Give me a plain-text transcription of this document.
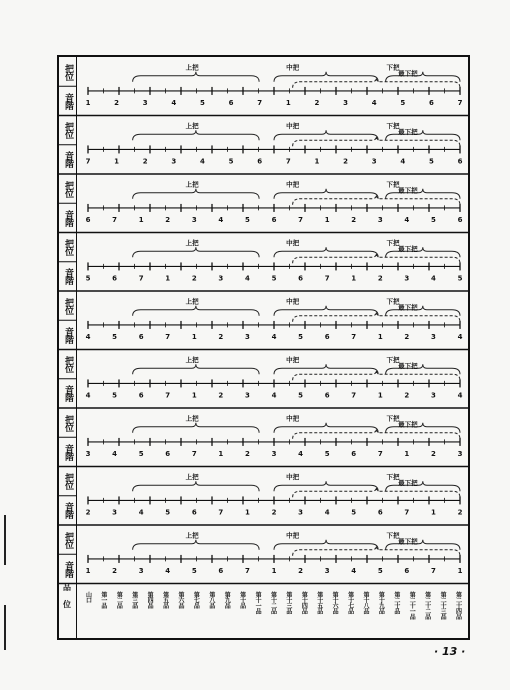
1	2	3	4	5	6	7	1	2	3	4	5	6	7
上把	中把	下把
最下把
7	1	2	3	4	5	6	7	1	2	3	4	5	6
上把	中把	下把
最下把
6	7	1	2	3	4	5	6	7	1	2	3	4	5	6
上把	中把	下把
最下把
5	6	7	1	2	3	4	5	6	7	1	2	3	4	5
上把	中把	下把
最下把
4	5	6	7	1	2	3	4	5	6	7	1	2	3	4
上把	中把	下把
最下把
4	5	6	7	1	2	3	4	5	6	7	1	2	3	4
上把	中把	下把
最下把
3	4	5	6	7	1	2	3	4	5	6	7	1	2	3
上把	中把	下把
最下把
2	3	4	5	6	7	1	2	3	4	5	6	7	1	2
上把	中把	下把
最下把
1	2	3	4	5	6	7	1	2	3	4	5	6	7	1
上把	中把	下把
最下把
山口 第一品 第二品 第三品 第四品 第五品 第六品 第七品 第八品 第九品 第十品 第十一品 第十二品 第十三品 第十四品 第十五品 第十六品 第十七品 第十八品 第十九品 第二十品 第二十一品 第二十二品 第二十三品 第二十四品
把位
音階
把位
音階
把位
音階
把位
音階
把位
音階
把位
音階
把位
音階
把位
音階
把位
音階
品
位
· 13 ·
